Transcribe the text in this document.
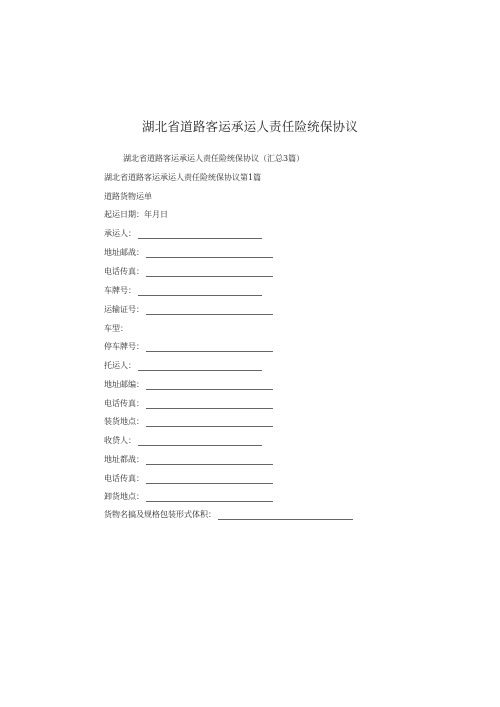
湖北省道路客运承运人责任险统保协议
湖北省道路客运承运人责任险统保协议（汇总3篇）
湖北省道路客运承运人责任险统保协议第1篇
道路货物运单
起运日期：年月日
承运人：
地址邮战：
电话传真：
车牌号：
运输证号：
车型：
停车牌号：
托运人：
地址邮编：
电话传真：
装货地点：
收贷人：
地址都战：
电话传真：
卸货地点：
货物名搞及规格包装形式体积：
